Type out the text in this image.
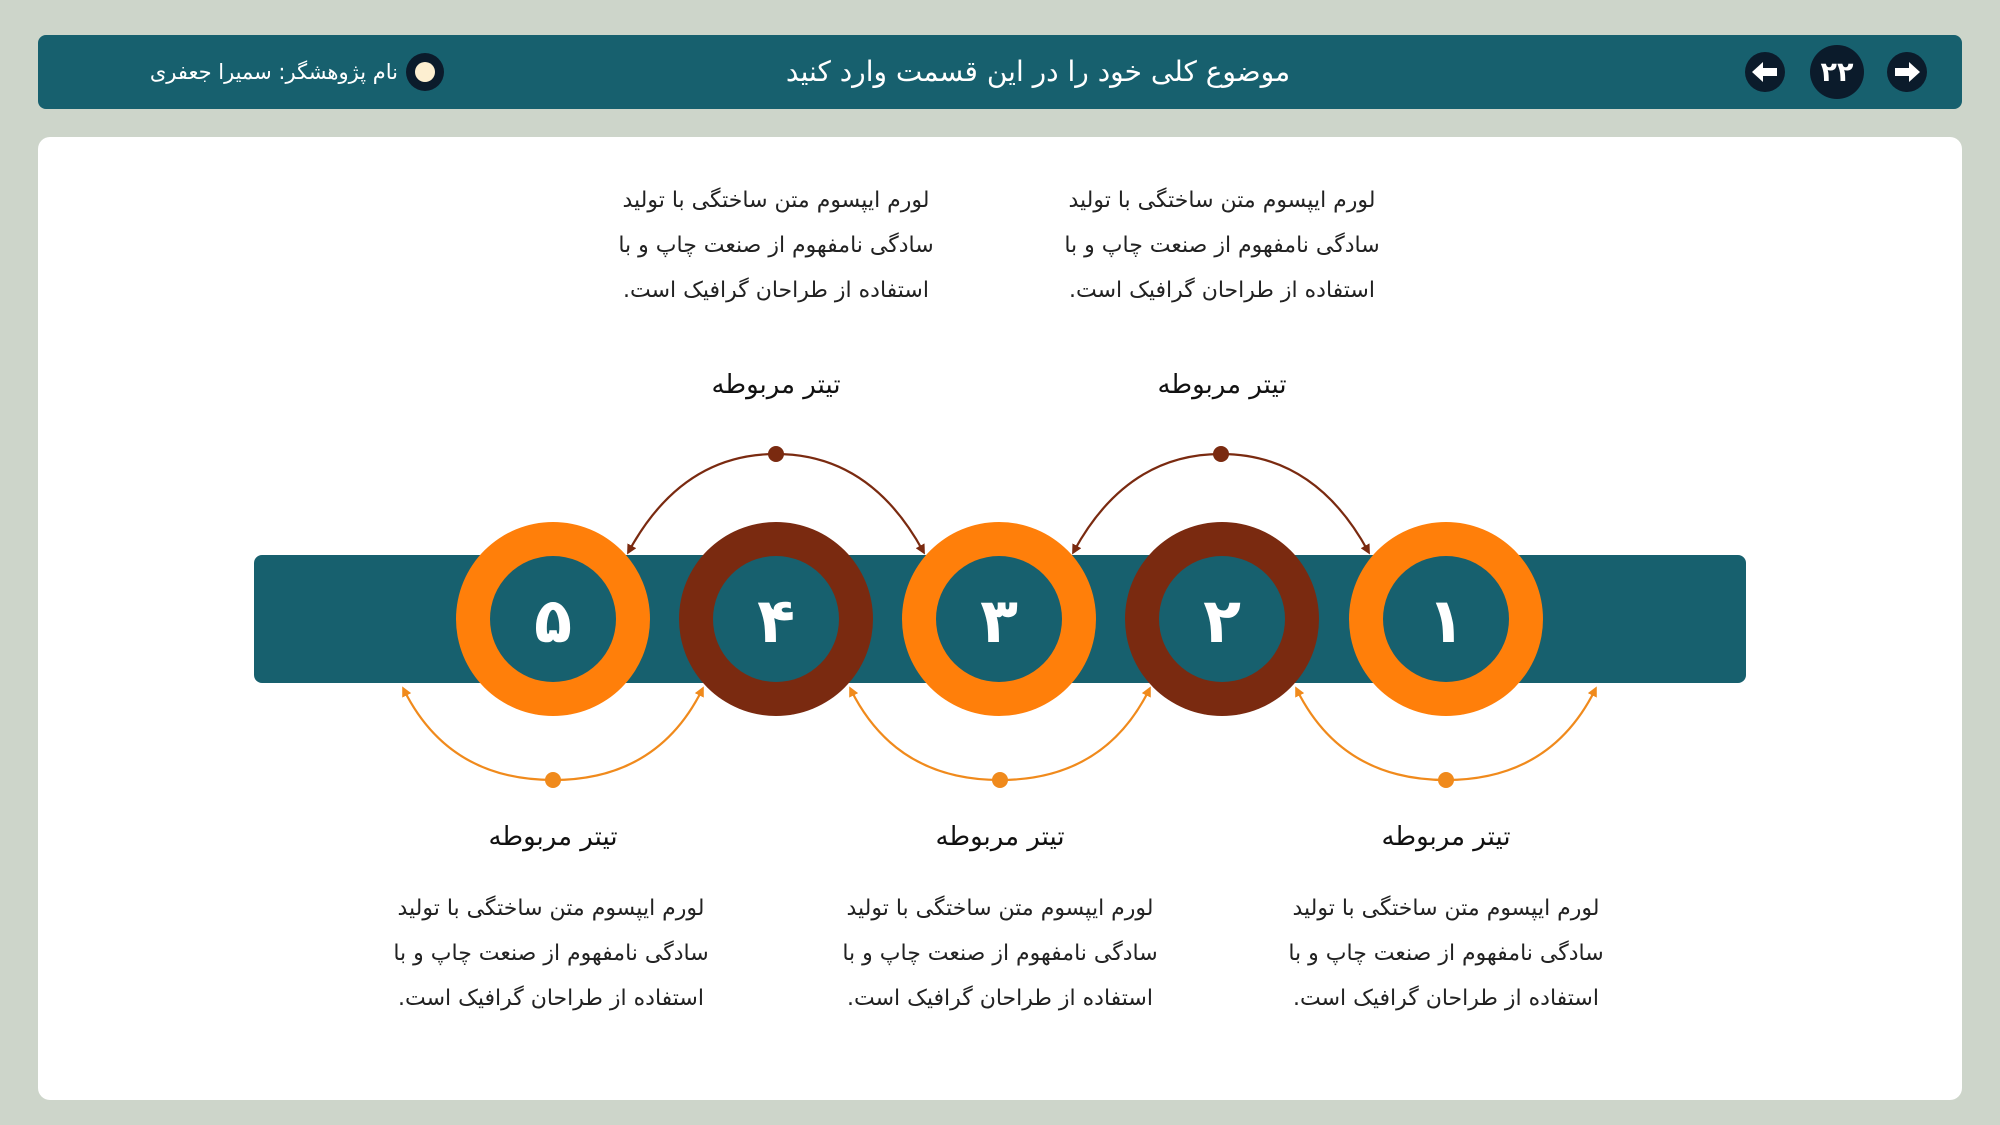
۲۲
موضوع کلی خود را در این قسمت وارد کنید
نام پژوهشگر: سمیرا جعفری
۱
۲
۳
۴
۵
لورم ایپسوم متن ساختگی با تولید
سادگی نامفهوم از صنعت چاپ و با
استفاده از طراحان گرافیک است.
تیتر مربوطه
لورم ایپسوم متن ساختگی با تولید
سادگی نامفهوم از صنعت چاپ و با
استفاده از طراحان گرافیک است.
تیتر مربوطه
تیتر مربوطه
لورم ایپسوم متن ساختگی با تولید
سادگی نامفهوم از صنعت چاپ و با
استفاده از طراحان گرافیک است.
تیتر مربوطه
لورم ایپسوم متن ساختگی با تولید
سادگی نامفهوم از صنعت چاپ و با
استفاده از طراحان گرافیک است.
تیتر مربوطه
لورم ایپسوم متن ساختگی با تولید
سادگی نامفهوم از صنعت چاپ و با
استفاده از طراحان گرافیک است.
